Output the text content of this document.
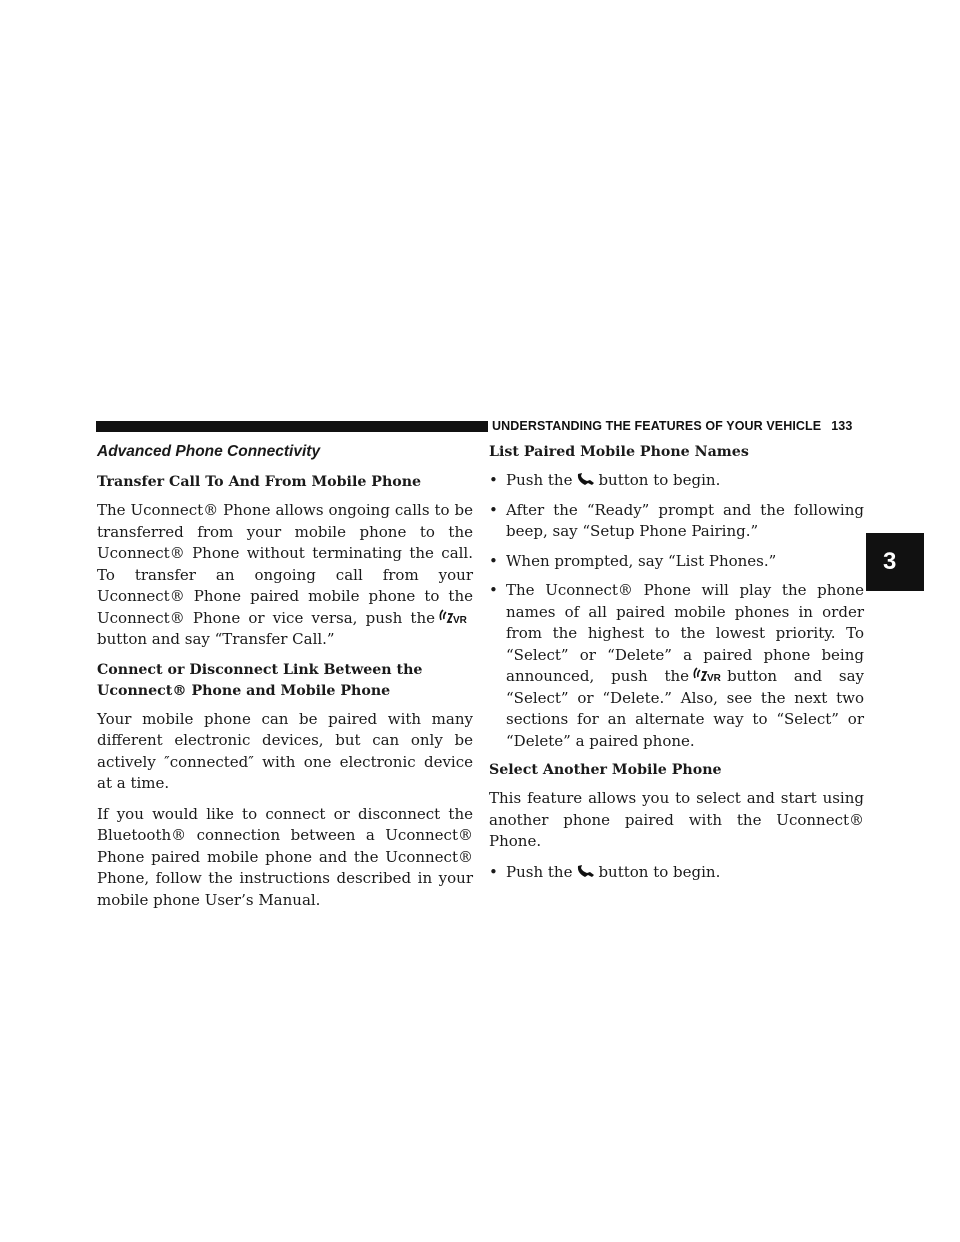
UNDERSTANDING THE FEATURES OF YOUR VEHICLE 133
3
Advanced Phone Connectivity
Transfer Call To And From Mobile Phone

The Uconnect® Phone allows ongoing calls to be transferred from your mobile phone to the Uconnect® Phone without terminating the call. To transfer an ongoing call from your Uconnect® Phone paired mobile phone to the Uconnect® Phone or vice versa, push the VR
button and say “Transfer Call.”

Connect or Disconnect Link Between the Uconnect® Phone and Mobile Phone

Your mobile phone can be paired with many different electronic devices, but can only be actively ″connected″ with one electronic device at a time.

If you would like to connect or disconnect the Bluetooth® connection between a Uconnect® Phone paired mobile phone and the Uconnect® Phone, follow the instructions described in your mobile phone User’s Manual.

List Paired Mobile Phone Names
• Push the button to begin.
• After the “Ready” prompt and the following beep, say “Setup Phone Pairing.”
• When prompted, say “List Phones.”
• The Uconnect® Phone will play the phone names of all paired mobile phones in order from the highest to the lowest priority. To “Select” or “Delete” a paired phone being announced, push the VR button and say “Select” or “Delete.” Also, see the next two sections for an alternate way to “Select” or “Delete” a paired phone.
Select Another Mobile Phone

This feature allows you to select and start using another phone paired with the Uconnect® Phone.

• Push the button to begin.
